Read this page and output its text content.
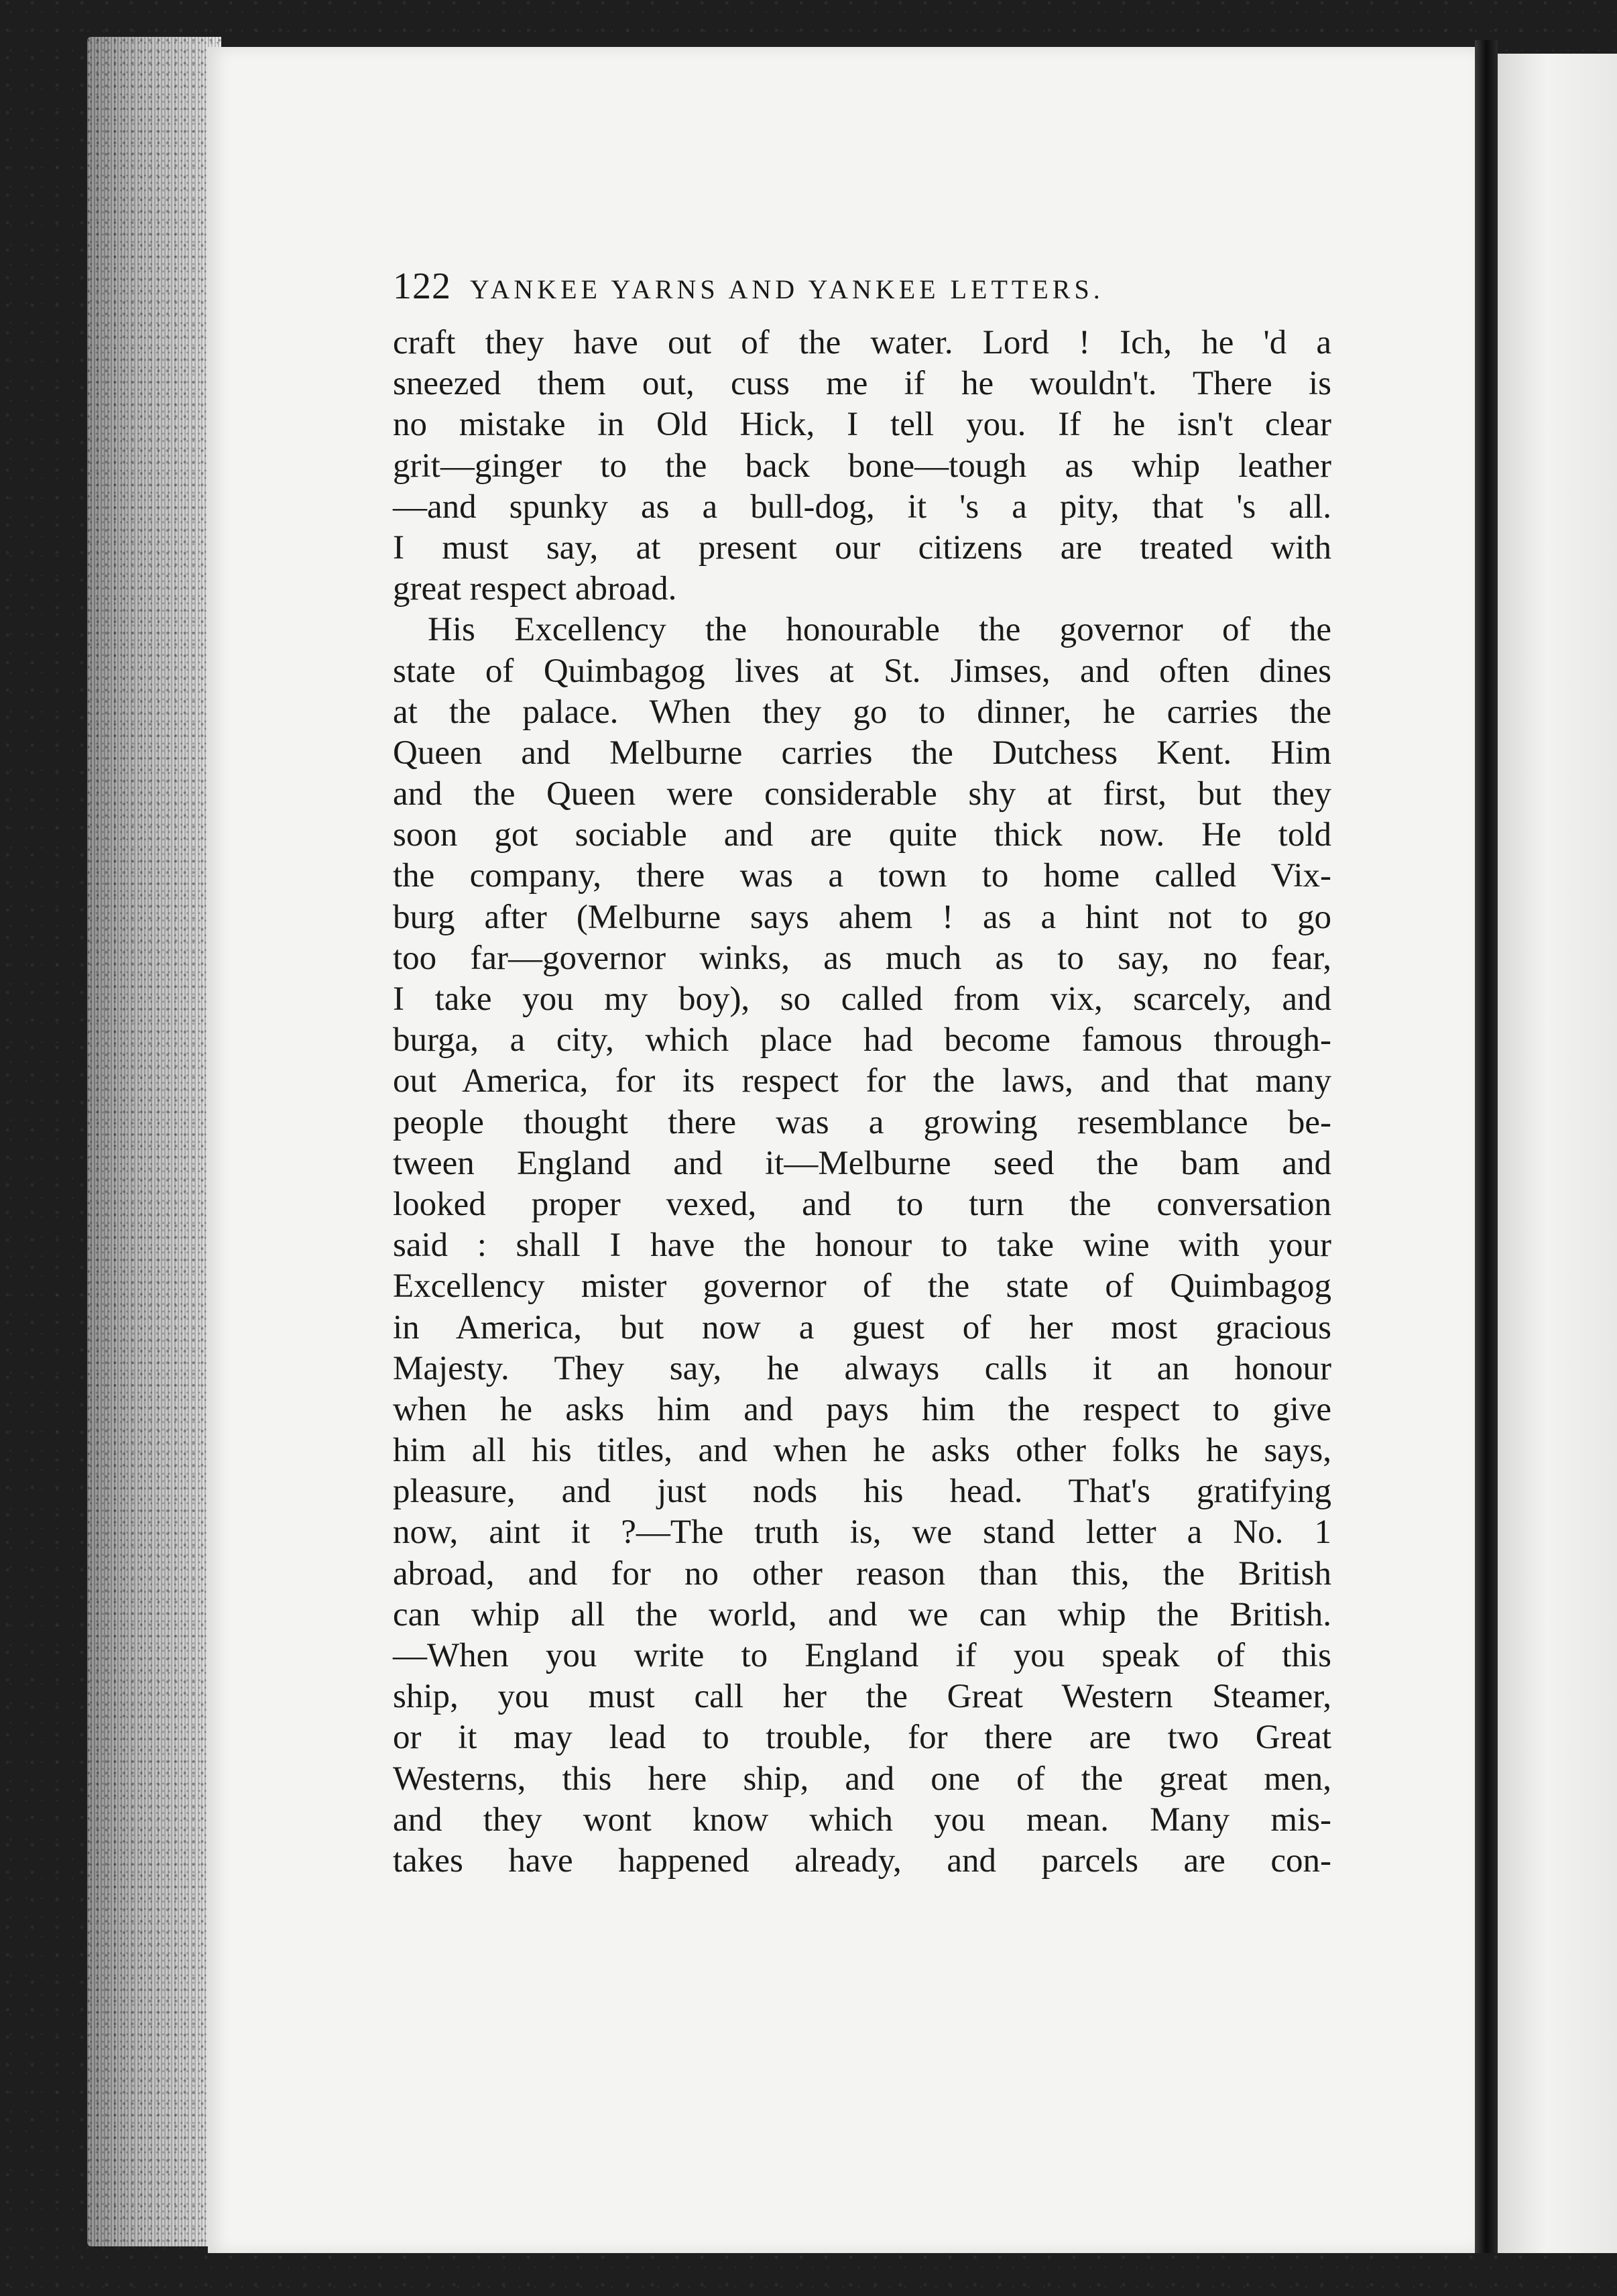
122 YANKEE YARNS AND YANKEE LETTERS.
craft they have out of the water. Lord ! Ich, he 'd a
sneezed them out, cuss me if he wouldn't. There is
no mistake in Old Hick, I tell you. If he isn't clear
grit—ginger to the back bone—tough as whip leather
—and spunky as a bull-dog, it 's a pity, that 's all.
I must say, at present our citizens are treated with
great respect abroad.
His Excellency the honourable the governor of the
state of Quimbagog lives at St. Jimses, and often dines
at the palace. When they go to dinner, he carries the
Queen and Melburne carries the Dutchess Kent. Him
and the Queen were considerable shy at first, but they
soon got sociable and are quite thick now. He told
the company, there was a town to home called Vix-
burg after (Melburne says ahem ! as a hint not to go
too far—governor winks, as much as to say, no fear,
I take you my boy), so called from vix, scarcely, and
burga, a city, which place had become famous through-
out America, for its respect for the laws, and that many
people thought there was a growing resemblance be-
tween England and it—Melburne seed the bam and
looked proper vexed, and to turn the conversation
said : shall I have the honour to take wine with your
Excellency mister governor of the state of Quimbagog
in America, but now a guest of her most gracious
Majesty. They say, he always calls it an honour
when he asks him and pays him the respect to give
him all his titles, and when he asks other folks he says,
pleasure, and just nods his head. That's gratifying
now, aint it ?—The truth is, we stand letter a No. 1
abroad, and for no other reason than this, the British
can whip all the world, and we can whip the British.
—When you write to England if you speak of this
ship, you must call her the Great Western Steamer,
or it may lead to trouble, for there are two Great
Westerns, this here ship, and one of the great men,
and they wont know which you mean. Many mis-
takes have happened already, and parcels are con-
